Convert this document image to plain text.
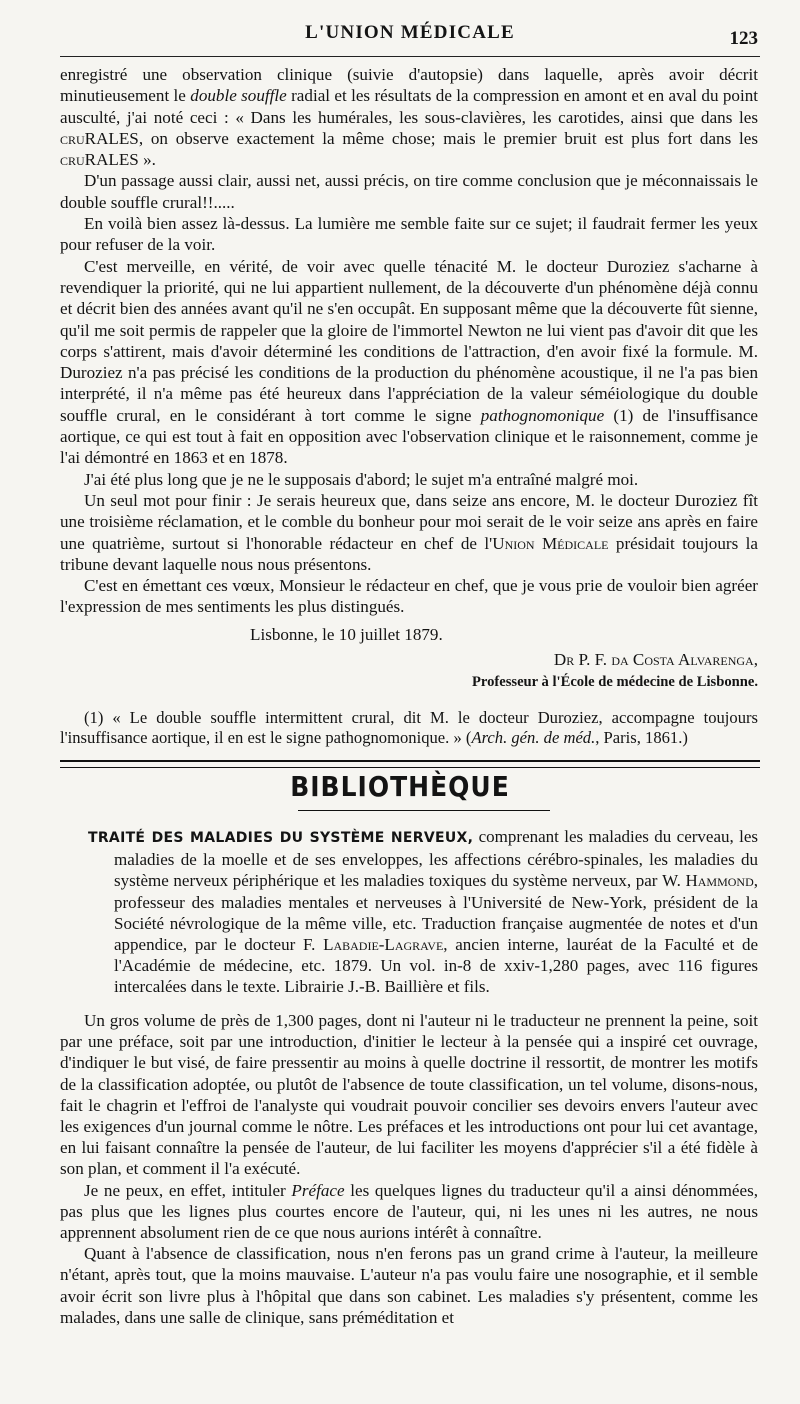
L'UNION MÉDICALE	123

enregistré une observation clinique (suivie d'autopsie) dans laquelle, après avoir décrit minutieusement le double souffle radial et les résultats de la compression en amont et en aval du point ausculté, j'ai noté ceci : « Dans les humérales, les sous-clavières, les carotides, ainsi que dans les cruRALES, on observe exactement la même chose; mais le premier bruit est plus fort dans les cruRALES ».

D'un passage aussi clair, aussi net, aussi précis, on tire comme conclusion que je méconnaissais le double souffle crural!!.....

En voilà bien assez là-dessus. La lumière me semble faite sur ce sujet; il faudrait fermer les yeux pour refuser de la voir.

C'est merveille, en vérité, de voir avec quelle ténacité M. le docteur Duroziez s'acharne à revendiquer la priorité, qui ne lui appartient nullement, de la découverte d'un phénomène déjà connu et décrit bien des années avant qu'il ne s'en occupât. En supposant même que la découverte fût sienne, qu'il me soit permis de rappeler que la gloire de l'immortel Newton ne lui vient pas d'avoir dit que les corps s'attirent, mais d'avoir déterminé les conditions de l'attraction, d'en avoir fixé la formule. M. Duroziez n'a pas précisé les conditions de la production du phénomène acoustique, il ne l'a pas bien interprété, il n'a même pas été heureux dans l'appréciation de la valeur séméiologique du double souffle crural, en le considérant à tort comme le signe pathognomonique (1) de l'insuffisance aortique, ce qui est tout à fait en opposition avec l'observation clinique et le raisonnement, comme je l'ai démontré en 1863 et en 1878.

J'ai été plus long que je ne le supposais d'abord; le sujet m'a entraîné malgré moi.

Un seul mot pour finir : Je serais heureux que, dans seize ans encore, M. le docteur Duroziez fît une troisième réclamation, et le comble du bonheur pour moi serait de le voir seize ans après en faire une quatrième, surtout si l'honorable rédacteur en chef de l'Union Médicale présidait toujours la tribune devant laquelle nous nous présentons.

C'est en émettant ces vœux, Monsieur le rédacteur en chef, que je vous prie de vouloir bien agréer l'expression de mes sentiments les plus distingués.

Lisbonne, le 10 juillet 1879.

Dr P. F. da Costa Alvarenga,

Professeur à l'École de médecine de Lisbonne.

(1) « Le double souffle intermittent crural, dit M. le docteur Duroziez, accompagne toujours l'insuffisance aortique, il en est le signe pathognomonique. » (Arch. gén. de méd., Paris, 1861.)

BIBLIOTHÈQUE

TRAITÉ DES MALADIES DU SYSTÈME NERVEUX, comprenant les maladies du cerveau, les maladies de la moelle et de ses enveloppes, les affections cérébro-spinales, les maladies du système nerveux périphérique et les maladies toxiques du système nerveux, par W. Hammond, professeur des maladies mentales et nerveuses à l'Université de New-York, président de la Société névrologique de la même ville, etc. Traduction française augmentée de notes et d'un appendice, par le docteur F. Labadie-Lagrave, ancien interne, lauréat de la Faculté et de l'Académie de médecine, etc. 1879. Un vol. in-8 de xxiv-1,280 pages, avec 116 figures intercalées dans le texte. Librairie J.-B. Baillière et fils.

Un gros volume de près de 1,300 pages, dont ni l'auteur ni le traducteur ne prennent la peine, soit par une préface, soit par une introduction, d'initier le lecteur à la pensée qui a inspiré cet ouvrage, d'indiquer le but visé, de faire pressentir au moins à quelle doctrine il ressortit, de montrer les motifs de la classification adoptée, ou plutôt de l'absence de toute classification, un tel volume, disons-nous, fait le chagrin et l'effroi de l'analyste qui voudrait pouvoir concilier ses devoirs envers l'auteur avec les exigences d'un journal comme le nôtre. Les préfaces et les introductions ont pour lui cet avantage, en lui faisant connaître la pensée de l'auteur, de lui faciliter les moyens d'apprécier s'il a été fidèle à son plan, et comment il l'a exécuté.

Je ne peux, en effet, intituler Préface les quelques lignes du traducteur qu'il a ainsi dénommées, pas plus que les lignes plus courtes encore de l'auteur, qui, ni les unes ni les autres, ne nous apprennent absolument rien de ce que nous aurions intérêt à connaître.

Quant à l'absence de classification, nous n'en ferons pas un grand crime à l'auteur, la meilleure n'étant, après tout, que la moins mauvaise. L'auteur n'a pas voulu faire une nosographie, et il semble avoir écrit son livre plus à l'hôpital que dans son cabinet. Les maladies s'y présentent, comme les malades, dans une salle de clinique, sans préméditation et
